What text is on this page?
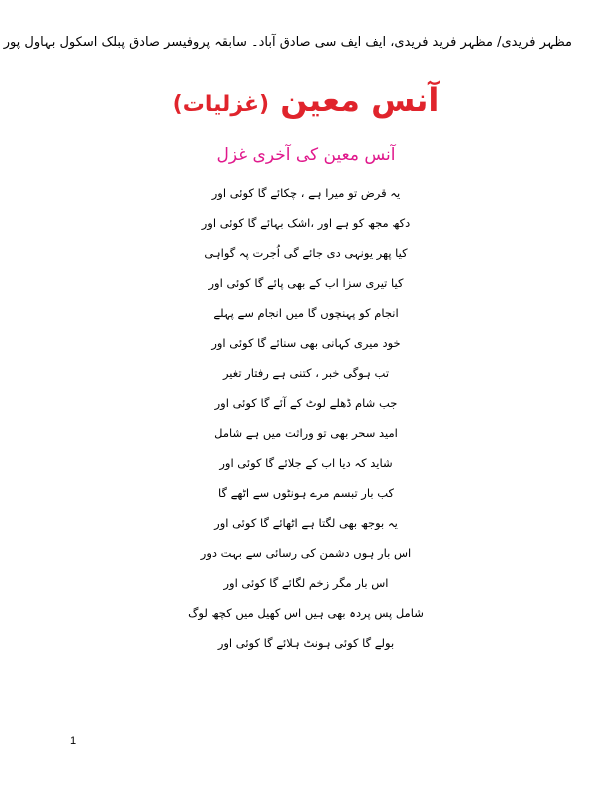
مظہر فریدی/ مظہر فرید فریدی، ایف ایف سی صادق آباد۔ سابقہ پروفیسر صادق پبلک اسکول بہاول پور
آنس معین (غزلیات)
آنس معین کی آخری غزل
یہ قرض تو میرا ہے ، چکائے گا کوئی اور
دکھ مجھ کو ہے اور ،اشک بہائے گا کوئی اور
کیا پھر یونہی دی جائے گی اُجرت پہ گواہی
کیا تیری سزا اب کے بھی پائے گا کوئی اور
انجام کو پہنچوں گا میں انجام سے پہلے
خود میری کہانی بھی سنائے گا کوئی اور
تب ہوگی خبر ، کتنی ہے رفتار تغیر
جب شام ڈھلے لوٹ کے آئے گا کوئی اور
امید سحر بھی تو وراثت میں ہے شامل
شاید کہ دیا اب کے جلائے گا کوئی اور
کب بار تبسم مرے ہونٹوں سے اٹھے گا
یہ بوجھ بھی لگتا ہے اٹھائے گا کوئی اور
اس بار ہوں دشمن کی رسائی سے بہت دور
اس بار مگر زخم لگائے گا کوئی اور
شامل پس پردہ بھی ہیں اس کھیل میں کچھ لوگ
بولے گا کوئی ہونٹ ہلائے گا کوئی اور
1
